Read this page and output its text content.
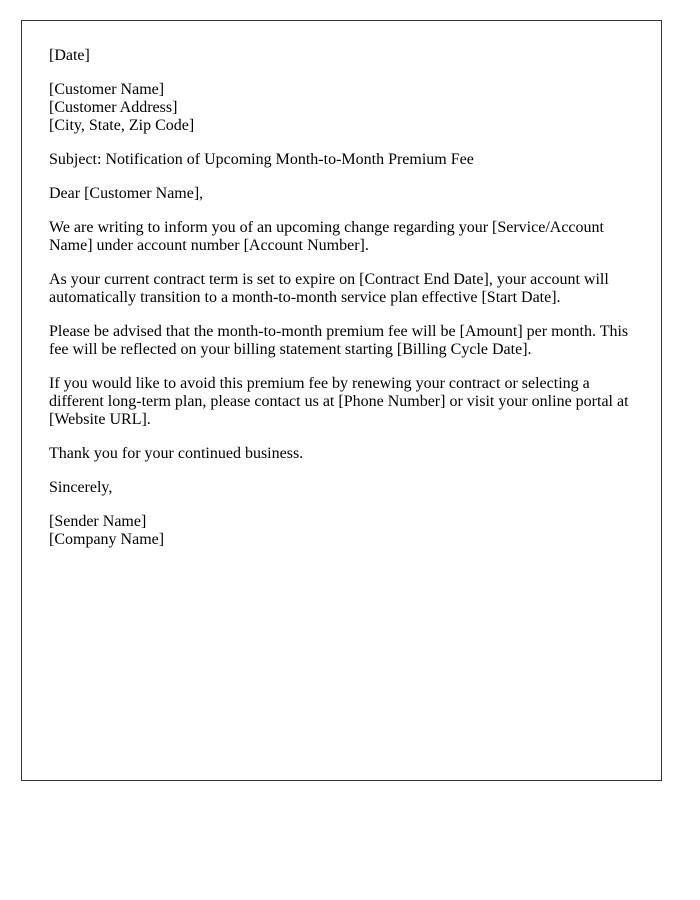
[Date]

[Customer Name]
[Customer Address]
[City, State, Zip Code]

Subject: Notification of Upcoming Month-to-Month Premium Fee

Dear [Customer Name],

We are writing to inform you of an upcoming change regarding your [Service/Account Name] under account number [Account Number].

As your current contract term is set to expire on [Contract End Date], your account will automatically transition to a month-to-month service plan effective [Start Date].

Please be advised that the month-to-month premium fee will be [Amount] per month. This fee will be reflected on your billing statement starting [Billing Cycle Date].

If you would like to avoid this premium fee by renewing your contract or selecting a different long-term plan, please contact us at [Phone Number] or visit your online portal at [Website URL].

Thank you for your continued business.

Sincerely,

[Sender Name]
[Company Name]
